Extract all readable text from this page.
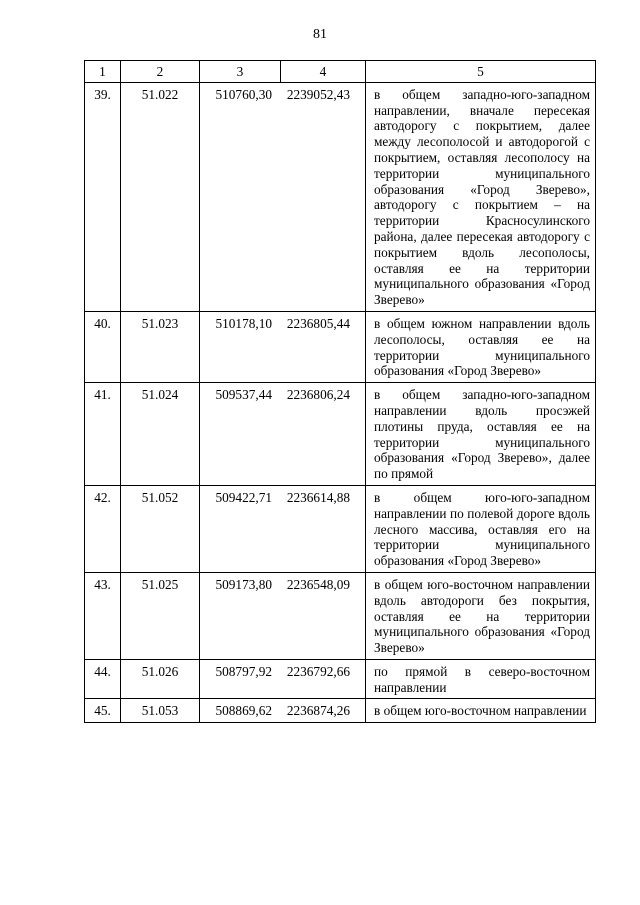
81
1	2	3	4	5
39.	51.022	510760,30 2239052,43		в общем западно-юго-западном направлении, вначале пересекая автодорогу с покрытием, далее между лесополосой и автодорогой с покрытием, оставляя лесополосу на территории муниципального образования «Город Зверево», автодорогу с покрытием – на территории Красносулинского района, далее пересекая автодорогу с покрытием вдоль лесополосы, оставляя ее на территории муниципального образования «Город Зверево»
40.	51.023	510178,10 2236805,44		в общем южном направлении вдоль лесополосы, оставляя ее на территории муниципального образования «Город Зверево»
41.	51.024	509537,44 2236806,24		в общем западно-юго-западном направлении вдоль просэжей плотины пруда, оставляя ее на территории муниципального образования «Город Зверево», далее по прямой
42.	51.052	509422,71 2236614,88		в общем юго-юго-западном направлении по полевой дороге вдоль лесного массива, оставляя его на территории муниципального образования «Город Зверево»
43.	51.025	509173,80 2236548,09		в общем юго-восточном направлении вдоль автодороги без покрытия, оставляя ее на территории муниципального образования «Город Зверево»
44.	51.026	508797,92 2236792,66		по прямой в северо-восточном направлении
45.	51.053	508869,62 2236874,26		в общем юго-восточном направлении
